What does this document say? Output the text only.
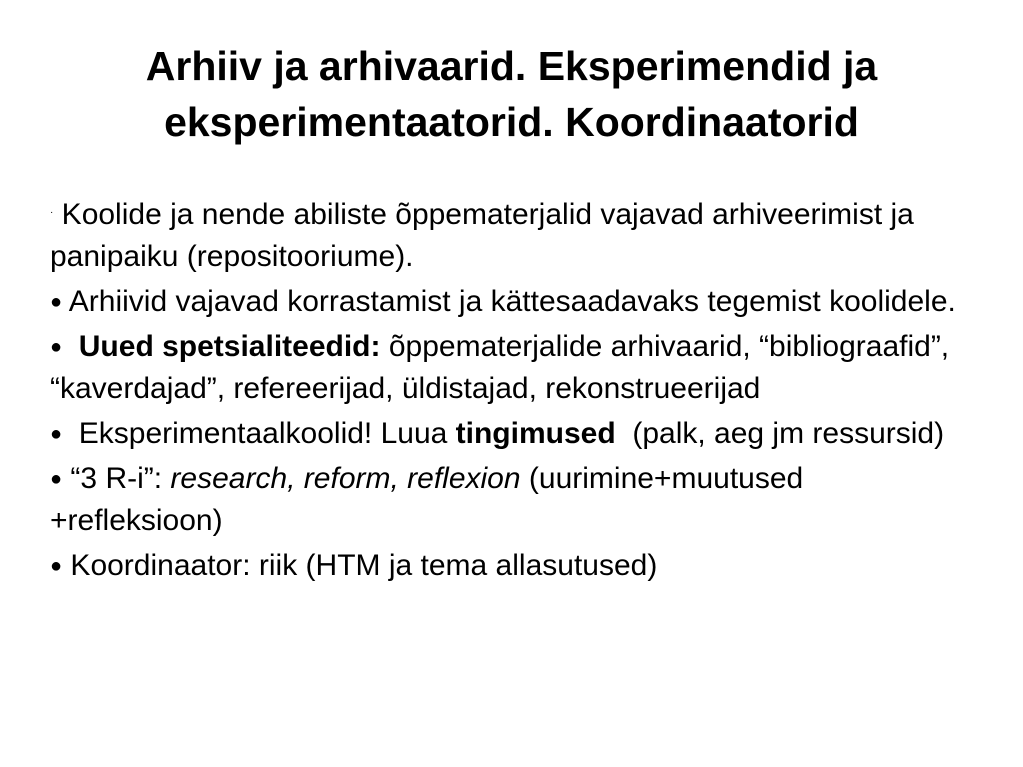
Arhiiv ja arhivaarid. Eksperimendid ja
eksperimentaatorid. Koordinaatorid

· Koolide ja nende abiliste õppematerjalid vajavad arhiveerimist ja panipaiku (repositooriume).

● Arhiivid vajavad korrastamist ja kättesaadavaks tegemist koolidele.

● Uued spetsialiteedid: õppematerjalide arhivaarid, “bibliograafid”, “kaverdajad”, refereerijad, üldistajad, rekonstrueerijad

● Eksperimentaalkoolid! Luua tingimused  (palk, aeg jm ressursid)

● “3 R-i”: research, reform, reflexion (uurimine+muutused +refleksioon)

● Koordinaator: riik (HTM ja tema allasutused)
